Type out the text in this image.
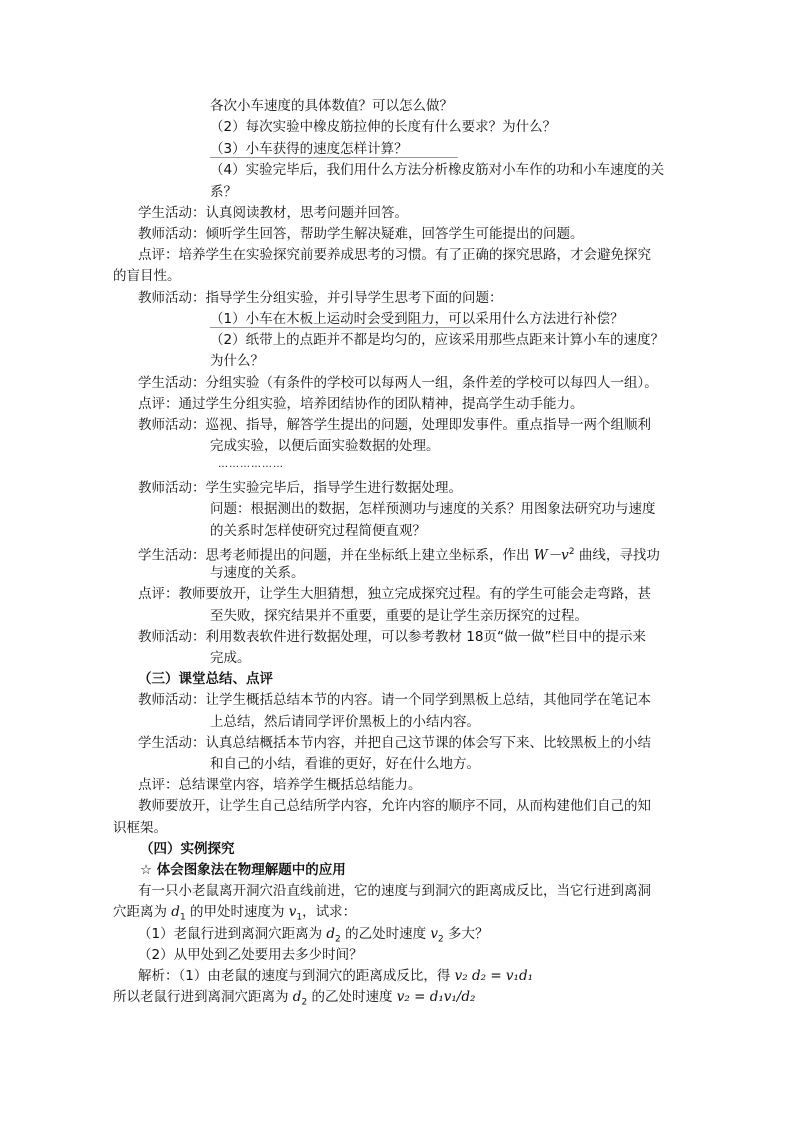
各次小车速度的具体数值？可以怎么做？
（2）每次实验中橡皮筋拉伸的长度有什么要求？为什么？
（3）小车获得的速度怎样计算？
（4）实验完毕后，我们用什么方法分析橡皮筋对小车作的功和小车速度的关
系？
学生活动：认真阅读教材，思考问题并回答。
教师活动：倾听学生回答，帮助学生解决疑难，回答学生可能提出的问题。
点评：培养学生在实验探究前要养成思考的习惯。有了正确的探究思路，才会避免探究
的盲目性。
教师活动：指导学生分组实验，并引导学生思考下面的问题：
（1）小车在木板上运动时会受到阻力，可以采用什么方法进行补偿？
（2）纸带上的点距并不都是均匀的，应该采用那些点距来计算小车的速度？
为什么？
学生活动：分组实验（有条件的学校可以每两人一组，条件差的学校可以每四人一组）。
点评：通过学生分组实验，培养团结协作的团队精神，提高学生动手能力。
教师活动：巡视、指导，解答学生提出的问题，处理即发事件。重点指导一两个组顺利
完成实验，以便后面实验数据的处理。
………………
教师活动：学生实验完毕后，指导学生进行数据处理。
问题：根据测出的数据，怎样预测功与速度的关系？用图象法研究功与速度
的关系时怎样使研究过程简便直观？
学生活动：思考老师提出的问题，并在坐标纸上建立坐标系，作出 $W-v^2$ 曲线，寻找功
与速度的关系。
点评：教师要放开，让学生大胆猜想，独立完成探究过程。有的学生可能会走弯路，甚
至失败，探究结果并不重要，重要的是让学生亲历探究的过程。
教师活动：利用数表软件进行数据处理，可以参考教材 18页“做一做”栏目中的提示来
完成。
（三）课堂总结、点评
教师活动：让学生概括总结本节的内容。请一个同学到黑板上总结，其他同学在笔记本
上总结，然后请同学评价黑板上的小结内容。
学生活动：认真总结概括本节内容，并把自己这节课的体会写下来、比较黑板上的小结
和自己的小结，看谁的更好，好在什么地方。
点评：总结课堂内容，培养学生概括总结能力。
教师要放开，让学生自己总结所学内容，允许内容的顺序不同，从而构建他们自己的知
识框架。
（四）实例探究
☆ 体会图象法在物理解题中的应用
有一只小老鼠离开洞穴沿直线前进，它的速度与到洞穴的距离成反比，当它行进到离洞
穴距离为 $d_1$ 的甲处时速度为 $v_1$，试求：
（1）老鼠行进到离洞穴距离为 $d_2$ 的乙处时速度 $v_2$ 多大？
（2）从甲处到乙处要用去多少时间？
解析：（1）由老鼠的速度与到洞穴的距离成反比，得 v₂ d₂ = v₁d₁
所以老鼠行进到离洞穴距离为 $d_2$ 的乙处时速度 v₂ = d₁v₁/d₂
